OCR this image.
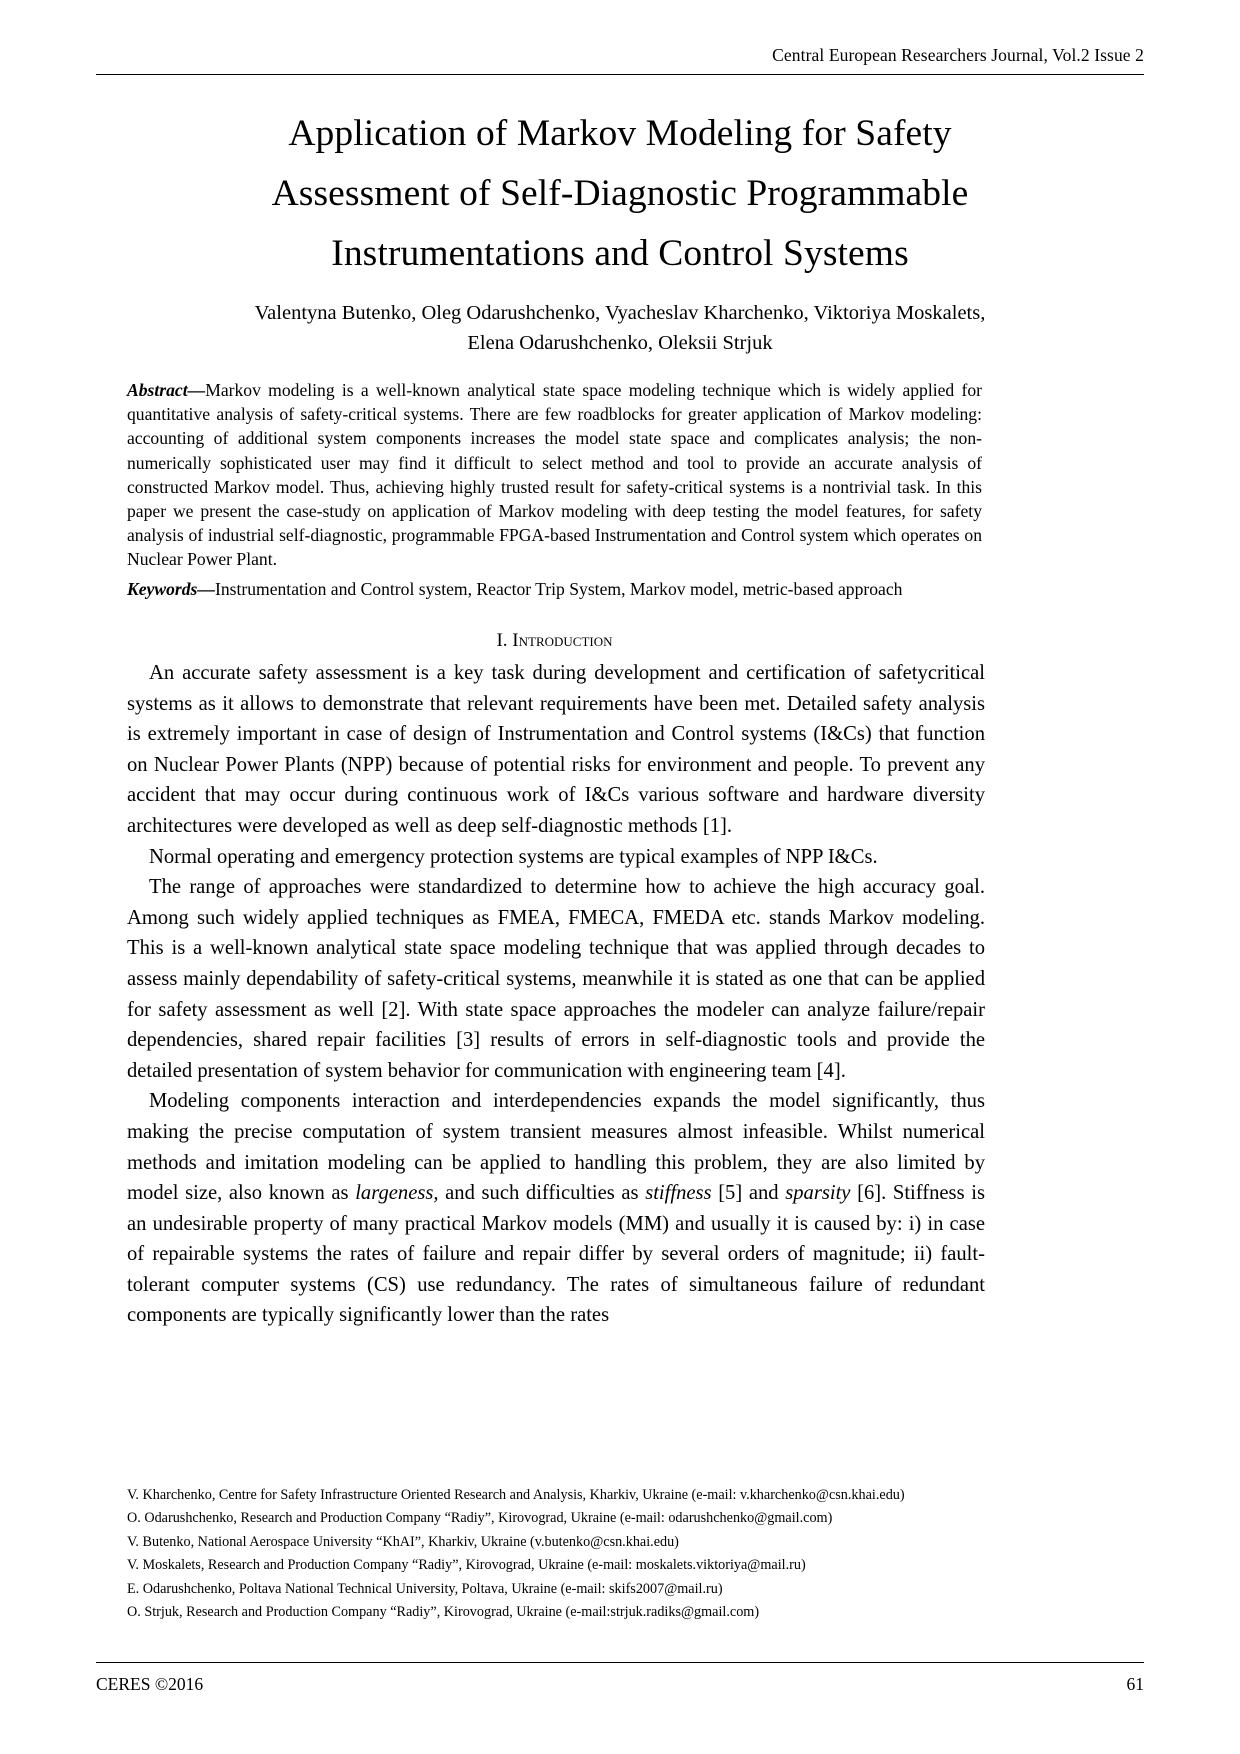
Central European Researchers Journal, Vol.2 Issue 2
Application of Markov Modeling for Safety
Assessment of Self-Diagnostic Programmable
Instrumentations and Control Systems
Valentyna Butenko, Oleg Odarushchenko, Vyacheslav Kharchenko, Viktoriya Moskalets,
Elena Odarushchenko, Oleksii Strjuk
Abstract—Markov modeling is a well-known analytical state space modeling technique which is widely applied for quantitative analysis of safety-critical systems. There are few roadblocks for greater application of Markov modeling: accounting of additional system components increases the model state space and complicates analysis; the non-numerically sophisticated user may find it difficult to select method and tool to provide an accurate analysis of constructed Markov model. Thus, achieving highly trusted result for safety-critical systems is a nontrivial task. In this paper we present the case-study on application of Markov modeling with deep testing the model features, for safety analysis of industrial self-diagnostic, programmable FPGA-based Instrumentation and Control system which operates on Nuclear Power Plant.
Keywords—Instrumentation and Control system, Reactor Trip System, Markov model, metric-based approach
I. Introduction

An accurate safety assessment is a key task during development and certification of safetycritical systems as it allows to demonstrate that relevant requirements have been met. Detailed safety analysis is extremely important in case of design of Instrumentation and Control systems (I&Cs) that function on Nuclear Power Plants (NPP) because of potential risks for environment and people. To prevent any accident that may occur during continuous work of I&Cs various software and hardware diversity architectures were developed as well as deep self-diagnostic methods [1].

Normal operating and emergency protection systems are typical examples of NPP I&Cs.

The range of approaches were standardized to determine how to achieve the high accuracy goal. Among such widely applied techniques as FMEA, FMECA, FMEDA etc. stands Markov modeling. This is a well-known analytical state space modeling technique that was applied through decades to assess mainly dependability of safety-critical systems, meanwhile it is stated as one that can be applied for safety assessment as well [2]. With state space approaches the modeler can analyze failure/repair dependencies, shared repair facilities [3] results of errors in self-diagnostic tools and provide the detailed presentation of system behavior for communication with engineering team [4].

Modeling components interaction and interdependencies expands the model significantly, thus making the precise computation of system transient measures almost infeasible. Whilst numerical methods and imitation modeling can be applied to handling this problem, they are also limited by model size, also known as largeness, and such difficulties as stiffness [5] and sparsity [6]. Stiffness is an undesirable property of many practical Markov models (MM) and usually it is caused by: i) in case of repairable systems the rates of failure and repair differ by several orders of magnitude; ii) fault-tolerant computer systems (CS) use redundancy. The rates of simultaneous failure of redundant components are typically significantly lower than the rates

V. Kharchenko, Centre for Safety Infrastructure Oriented Research and Analysis, Kharkiv, Ukraine (e-mail: v.kharchenko@csn.khai.edu)
O. Odarushchenko, Research and Production Company “Radiy”, Kirovograd, Ukraine (e-mail: odarushchenko@gmail.com)
V. Butenko, National Aerospace University “KhAI”, Kharkiv, Ukraine (v.butenko@csn.khai.edu)
V. Moskalets, Research and Production Company “Radiy”, Kirovograd, Ukraine (e-mail: moskalets.viktoriya@mail.ru)
E. Odarushchenko, Poltava National Technical University, Poltava, Ukraine (e-mail: skifs2007@mail.ru)
O. Strjuk, Research and Production Company “Radiy”, Kirovograd, Ukraine (e-mail:strjuk.radiks@gmail.com)
CERES ©2016	61
